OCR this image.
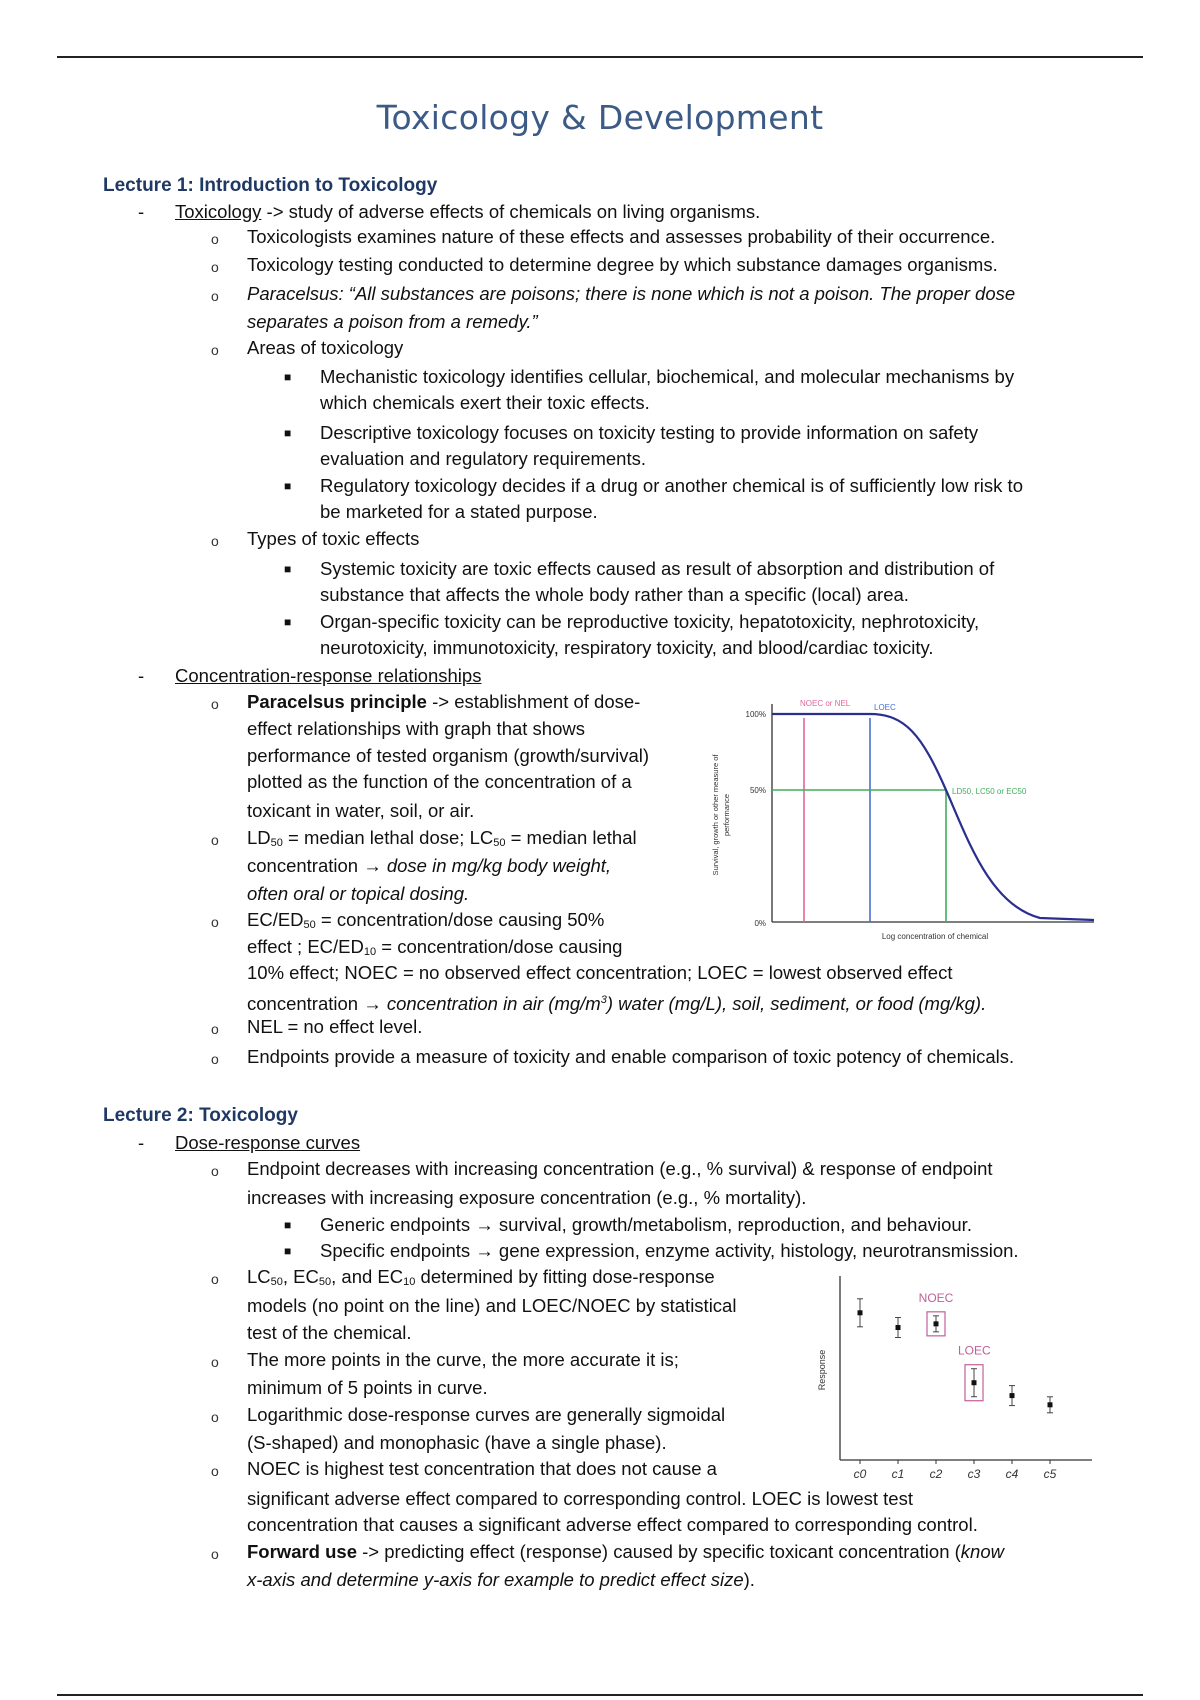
Toxicology & Development
Lecture 1: Introduction to Toxicology
- Toxicology -> study of adverse effects of chemicals on living organisms.
o Toxicologists examines nature of these effects and assesses probability of their occurrence.
o Toxicology testing conducted to determine degree by which substance damages organisms.
o Paracelsus: “All substances are poisons; there is none which is not a poison. The proper dose
separates a poison from a remedy.”
o Areas of toxicology
■ Mechanistic toxicology identifies cellular, biochemical, and molecular mechanisms by
which chemicals exert their toxic effects.
■ Descriptive toxicology focuses on toxicity testing to provide information on safety
evaluation and regulatory requirements.
■ Regulatory toxicology decides if a drug or another chemical is of sufficiently low risk to
be marketed for a stated purpose.
o Types of toxic effects
■ Systemic toxicity are toxic effects caused as result of absorption and distribution of
substance that affects the whole body rather than a specific (local) area.
■ Organ-specific toxicity can be reproductive toxicity, hepatotoxicity, nephrotoxicity,
neurotoxicity, immunotoxicity, respiratory toxicity, and blood/cardiac toxicity.
- Concentration-response relationships
o Paracelsus principle -> establishment of dose-
effect relationships with graph that shows
performance of tested organism (growth/survival)
plotted as the function of the concentration of a
toxicant in water, soil, or air.
o $LD_{50}$ = median lethal dose; $LC_{50}$ = median lethal
concentration → dose in mg/kg body weight,
often oral or topical dosing.
o $EC/ED_{50}$ = concentration/dose causing 50%
effect ; $EC/ED_{10}$ = concentration/dose causing
10% effect; NOEC = no observed effect concentration; LOEC = lowest observed effect
concentration → concentration in air $(mg/m^3)$ water (mg/L), soil, sediment, or food (mg/kg).
o NEL = no effect level.
o Endpoints provide a measure of toxicity and enable comparison of toxic potency of chemicals.
100%
50%
0%
Survival, growth or other measure of performance
Log concentration of chemical
NOEC or NEL	LOEC
LD50, LC50 or EC50
Lecture 2: Toxicology
- Dose-response curves
o Endpoint decreases with increasing concentration (e.g., % survival) & response of endpoint
increases with increasing exposure concentration (e.g., % mortality).
■ Generic endpoints → survival, growth/metabolism, reproduction, and behaviour.
■ Specific endpoints → gene expression, enzyme activity, histology, neurotransmission.
o $LC_{50}$, $EC_{50}$, and $EC_{10}$ determined by fitting dose-response
models (no point on the line) and LOEC/NOEC by statistical
test of the chemical.
o The more points in the curve, the more accurate it is;
minimum of 5 points in curve.
o Logarithmic dose-response curves are generally sigmoidal
(S-shaped) and monophasic (have a single phase).
o NOEC is highest test concentration that does not cause a
significant adverse effect compared to corresponding control. LOEC is lowest test
concentration that causes a significant adverse effect compared to corresponding control.
o Forward use -> predicting effect (response) caused by specific toxicant concentration (know
x-axis and determine y-axis for example to predict effect size).
Response
c0 c1 c2
NOEC
c3
LOEC
c4 c5
